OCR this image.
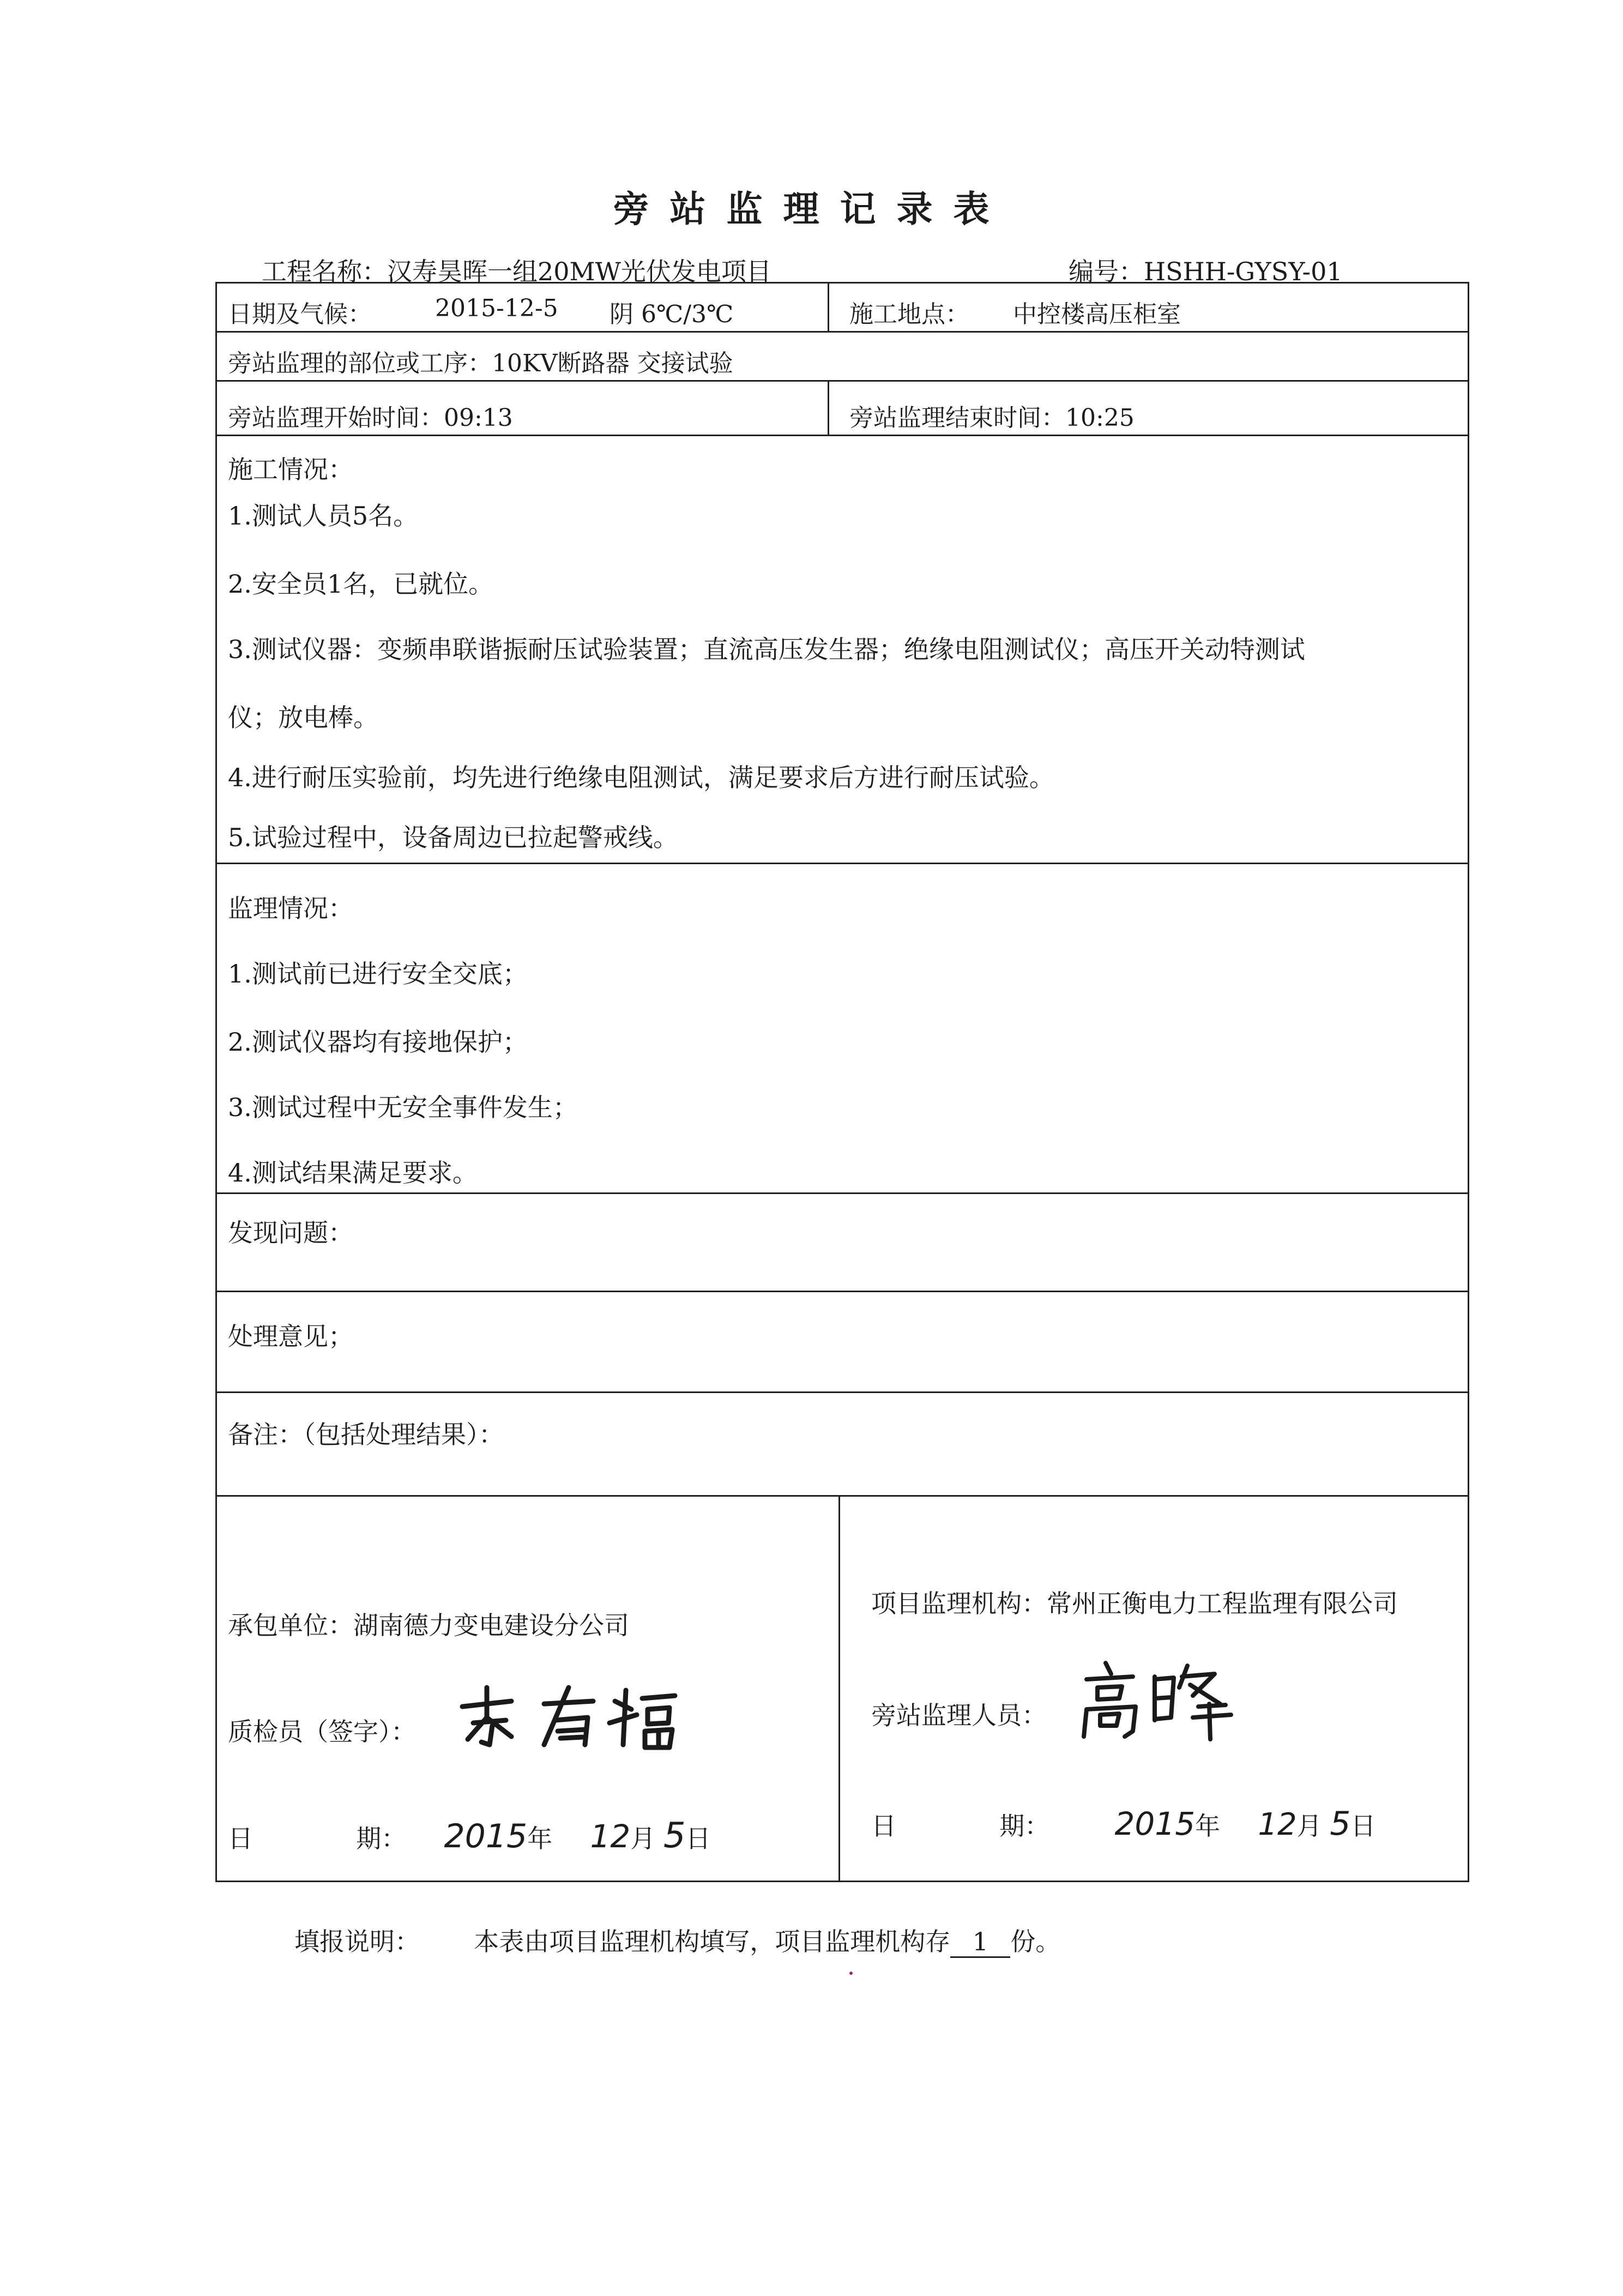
旁站监理记录表
工程名称：汉寿昊晖一组20MW光伏发电项目	编号：HSHH-GYSY-01
日期及气候：	2015-12-5 阴 6℃/3℃	施工地点： 中控楼高压柜室
旁站监理的部位或工序：10KV断路器 交接试验
旁站监理开始时间：09:13	旁站监理结束时间：10:25
施工情况：
1.测试人员5名。
2.安全员1名，已就位。
3.测试仪器：变频串联谐振耐压试验装置；直流高压发生器；绝缘电阻测试仪；高压开关动特测试
仪；放电棒。
4.进行耐压实验前，均先进行绝缘电阻测试，满足要求后方进行耐压试验。
5.试验过程中，设备周边已拉起警戒线。
监理情况：
1.测试前已进行安全交底；
2.测试仪器均有接地保护；
3.测试过程中无安全事件发生；
4.测试结果满足要求。
发现问题：
处理意见；
备注：（包括处理结果）：
承包单位：湖南德力变电建设分公司
质检员（签字）：
日	期： 2015年 12月 5日
项目监理机构：常州正衡电力工程监理有限公司
旁站监理人员：
日	期： 2015年 12月 5日
填报说明： 本表由项目监理机构填写，项目监理机构存 1 份。
